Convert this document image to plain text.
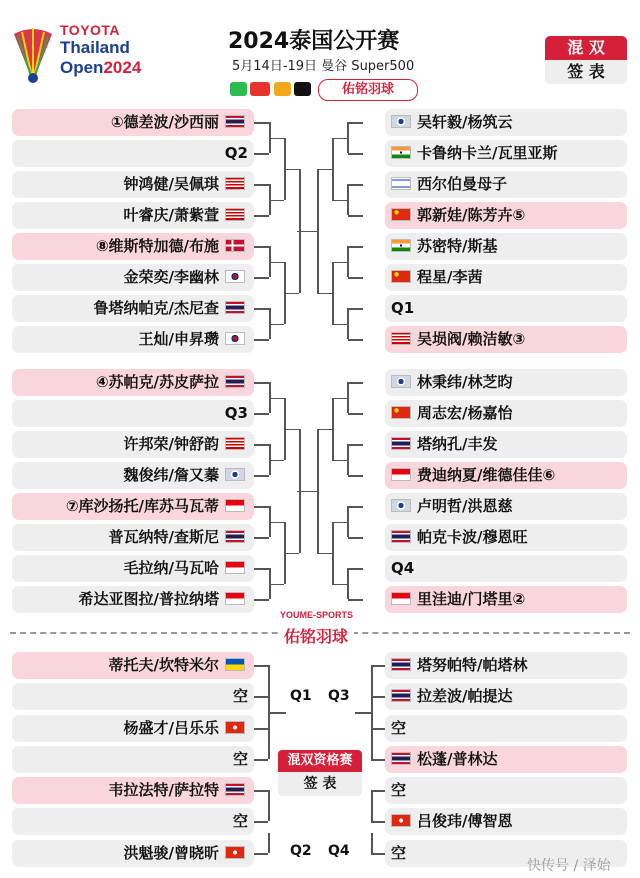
TOYOTA
Thailand
Open2024
2024泰国公开赛
5月14日-19日 曼谷 Super500
佑铭羽球
混 双
签 表
①德差波/沙西丽
Q2
钟鸿健/吴佩琪
叶睿庆/萧紫萱
⑧维斯特加德/布施
金荣奕/李幽林
鲁塔纳帕克/杰尼查
王灿/申昇瓒
④苏帕克/苏皮萨拉
Q3
许邦荣/钟舒韵
魏俊纬/詹又蓁
⑦库沙扬托/库苏马瓦蒂
普瓦纳特/查斯尼
毛拉纳/马瓦哈
希达亚图拉/普拉纳塔
吴轩毅/杨筑云
卡鲁纳卡兰/瓦里亚斯
西尔伯曼母子
郭新娃/陈芳卉⑤
苏密特/斯基
程星/李茜
Q1
吴埙阀/赖洁敏③
林秉纬/林芝昀
周志宏/杨嘉怡
塔纳孔/丰发
费迪纳夏/维德佳佳⑥
卢明哲/洪恩慈
帕克卡波/穆恩旺
Q4
里洼迪/门塔里②
YOUME-SPORTS
佑铭羽球
蒂托夫/坎特米尔
空
杨盛才/吕乐乐
空
韦拉法特/萨拉特
空
洪魁骏/曾晓昕
塔努帕特/帕塔林
拉差波/帕提达
空
松蓬/普林达
空
吕俊玮/傅智恩
空
Q1 Q3
Q2 Q4
混双资格赛
签 表
快传号 / 泽始
